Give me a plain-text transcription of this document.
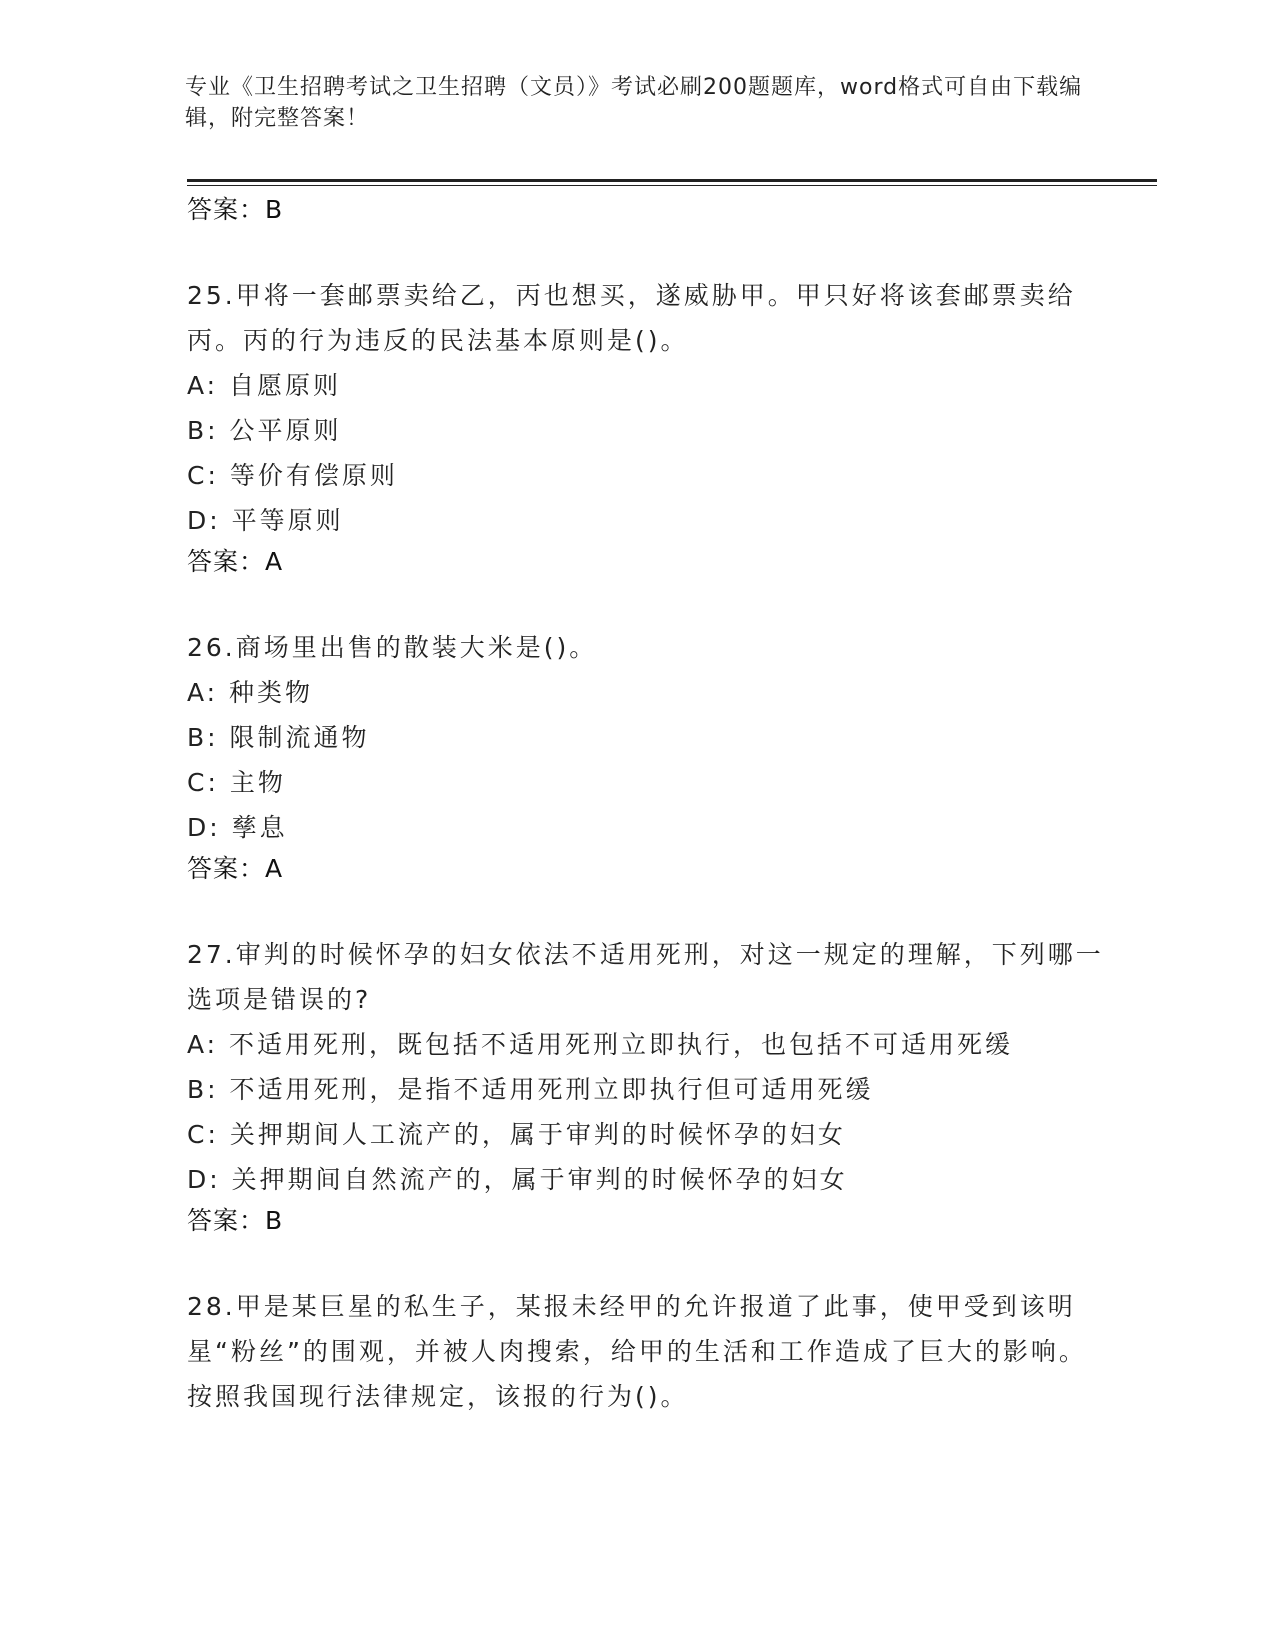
专业《卫生招聘考试之卫生招聘（文员）》考试必刷200题题库，word格式可自由下载编辑，附完整答案！

答案：B

25.甲将一套邮票卖给乙，丙也想买，遂威胁甲。甲只好将该套邮票卖给丙。丙的行为违反的民法基本原则是()。

A: 自愿原则

B: 公平原则

C: 等价有偿原则

D: 平等原则

答案：A

26.商场里出售的散装大米是()。

A: 种类物

B: 限制流通物

C: 主物

D: 孳息

答案：A

27.审判的时候怀孕的妇女依法不适用死刑，对这一规定的理解，下列哪一选项是错误的?

A: 不适用死刑，既包括不适用死刑立即执行，也包括不可适用死缓

B: 不适用死刑，是指不适用死刑立即执行但可适用死缓

C: 关押期间人工流产的，属于审判的时候怀孕的妇女

D: 关押期间自然流产的，属于审判的时候怀孕的妇女

答案：B

28.甲是某巨星的私生子，某报未经甲的允许报道了此事，使甲受到该明星“粉丝”的围观，并被人肉搜索，给甲的生活和工作造成了巨大的影响。按照我国现行法律规定，该报的行为()。
